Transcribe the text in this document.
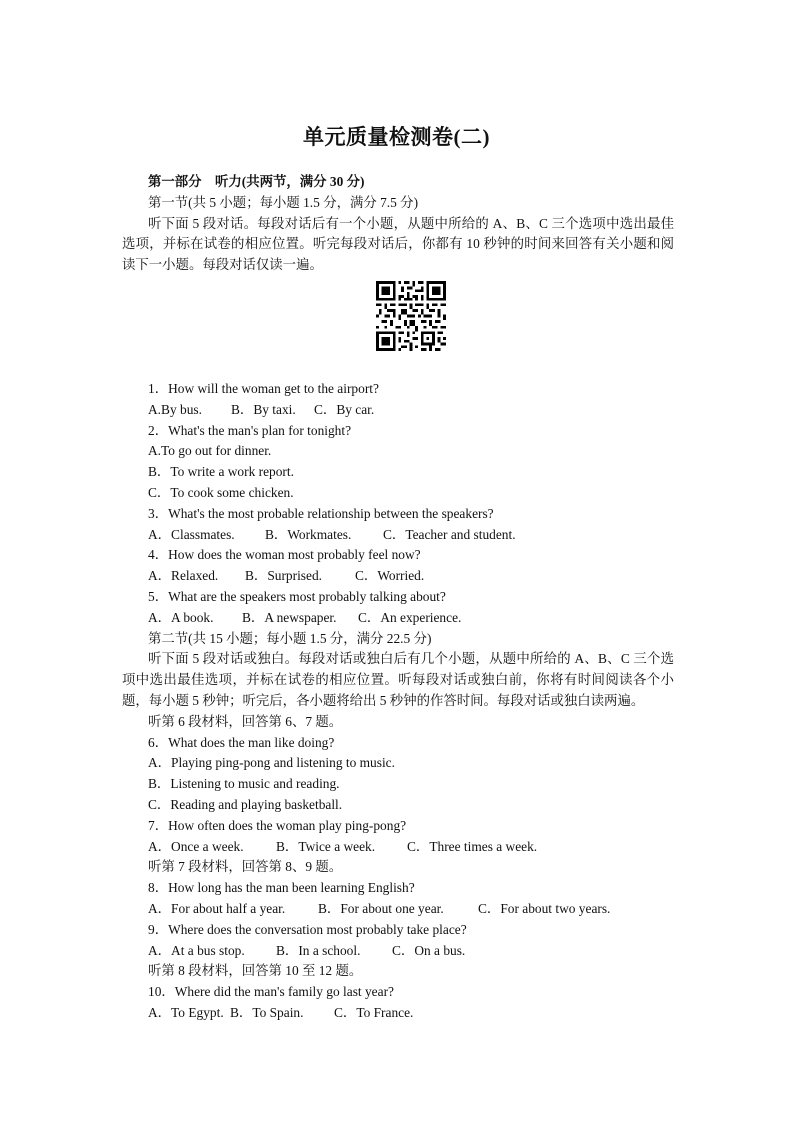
单元质量检测卷(二)
第一部分　听力(共两节，满分 30 分)
第一节(共 5 小题；每小题 1.5 分，满分 7.5 分)
听下面 5 段对话。每段对话后有一个小题，从题中所给的 A、B、C 三个选项中选出最佳选项，并标在试卷的相应位置。听完每段对话后，你都有 10 秒钟的时间来回答有关小题和阅读下一小题。每段对话仅读一遍。
1．How will the woman get to the airport?
A.By bus. B．By taxi. C．By car.
2．What's the man's plan for tonight?
A.To go out for dinner.
B．To write a work report.
C．To cook some chicken.
3．What's the most probable relationship between the speakers?
A．Classmates. B．Workmates. C．Teacher and student.
4．How does the woman most probably feel now?
A．Relaxed. B．Surprised. C．Worried.
5．What are the speakers most probably talking about?
A．A book. B．A newspaper. C．An experience.
第二节(共 15 小题；每小题 1.5 分，满分 22.5 分)
听下面 5 段对话或独白。每段对话或独白后有几个小题，从题中所给的 A、B、C 三个选项中选出最佳选项，并标在试卷的相应位置。听每段对话或独白前，你将有时间阅读各个小题，每小题 5 秒钟；听完后，各小题将给出 5 秒钟的作答时间。每段对话或独白读两遍。
听第 6 段材料，回答第 6、7 题。
6．What does the man like doing?
A．Playing ping-pong and listening to music.
B．Listening to music and reading.
C．Reading and playing basketball.
7．How often does the woman play ping-pong?
A．Once a week. B．Twice a week. C．Three times a week.
听第 7 段材料，回答第 8、9 题。
8．How long has the man been learning English?
A．For about half a year. B．For about one year.	C．For about two years.
9．Where does the conversation most probably take place?
A．At a bus stop. B．In a school. C．On a bus.
听第 8 段材料，回答第 10 至 12 题。
10．Where did the man's family go last year?
A．To Egypt. B．To Spain. C．To France.
